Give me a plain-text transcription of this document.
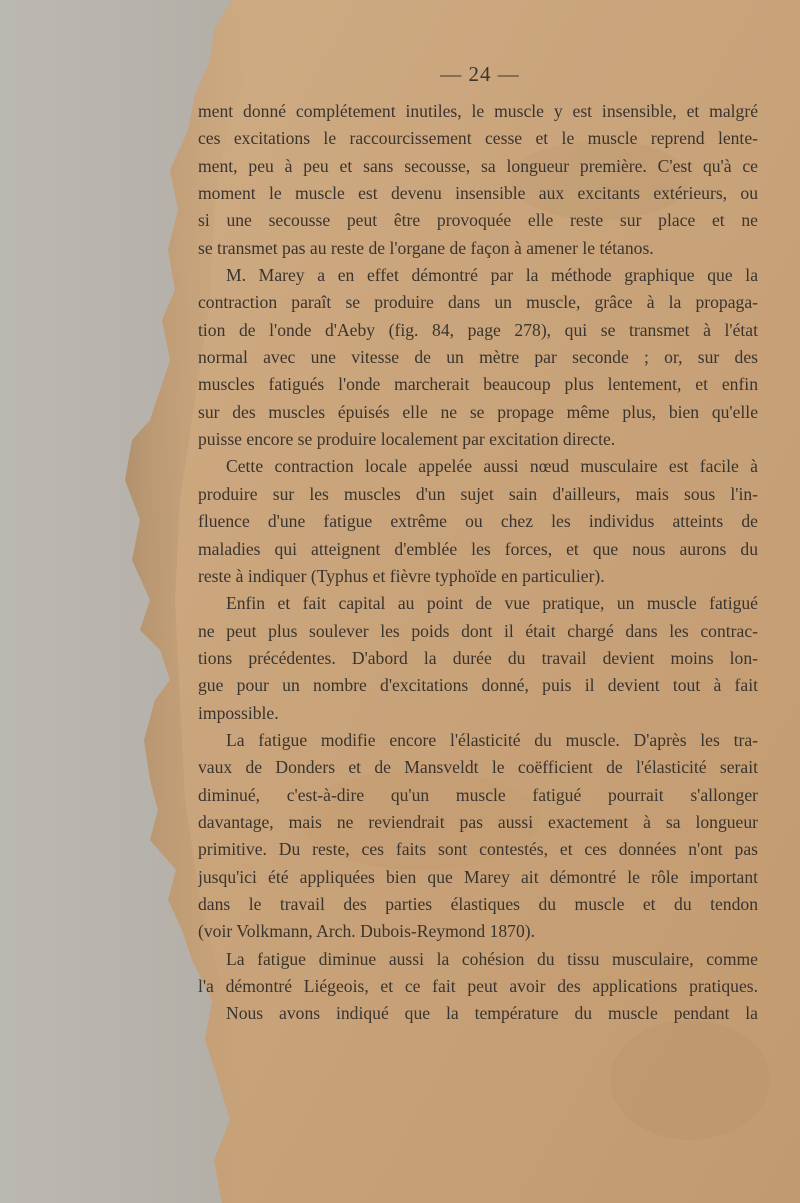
— 24 —
ment donné complétement inutiles, le muscle y est insensible, et malgré
ces excitations le raccourcissement cesse et le muscle reprend lente-
ment, peu à peu et sans secousse, sa longueur première. C'est qu'à ce
moment le muscle est devenu insensible aux excitants extérieurs, ou
si une secousse peut être provoquée elle reste sur place et ne
se transmet pas au reste de l'organe de façon à amener le tétanos.
M. Marey a en effet démontré par la méthode graphique que la
contraction paraît se produire dans un muscle, grâce à la propaga-
tion de l'onde d'Aeby (fig. 84, page 278), qui se transmet à l'état
normal avec une vitesse de un mètre par seconde ; or, sur des
muscles fatigués l'onde marcherait beaucoup plus lentement, et enfin
sur des muscles épuisés elle ne se propage même plus, bien qu'elle
puisse encore se produire localement par excitation directe.
Cette contraction locale appelée aussi nœud musculaire est facile à
produire sur les muscles d'un sujet sain d'ailleurs, mais sous l'in-
fluence d'une fatigue extrême ou chez les individus atteints de
maladies qui atteignent d'emblée les forces, et que nous aurons du
reste à indiquer (Typhus et fièvre typhoïde en particulier).
Enfin et fait capital au point de vue pratique, un muscle fatigué
ne peut plus soulever les poids dont il était chargé dans les contrac-
tions précédentes. D'abord la durée du travail devient moins lon-
gue pour un nombre d'excitations donné, puis il devient tout à fait
impossible.
La fatigue modifie encore l'élasticité du muscle. D'après les tra-
vaux de Donders et de Mansveldt le coëfficient de l'élasticité serait
diminué, c'est-à-dire qu'un muscle fatigué pourrait s'allonger
davantage, mais ne reviendrait pas aussi exactement à sa longueur
primitive. Du reste, ces faits sont contestés, et ces données n'ont pas
jusqu'ici été appliquées bien que Marey ait démontré le rôle important
dans le travail des parties élastiques du muscle et du tendon
(voir Volkmann, Arch. Dubois-Reymond 1870).
La fatigue diminue aussi la cohésion du tissu musculaire, comme
l'a démontré Liégeois, et ce fait peut avoir des applications pratiques.
Nous avons indiqué que la température du muscle pendant la
